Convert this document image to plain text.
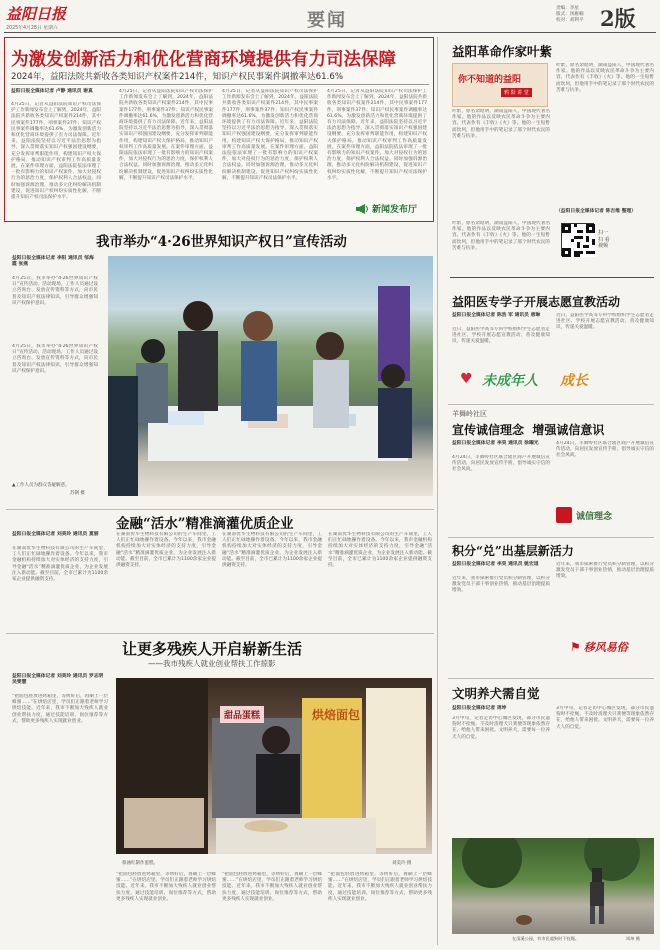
益阳日报
2025年4月28日 星期六	要闻
责编：李星
版式：汤雁楠
校对：刘利平 2版
为激发创新活力和优化营商环境提供有力司法保障
2024年，益阳法院共新收各类知识产权案件214件，知识产权民事案件调撤率达61.6%
益阳日报全媒体记者 卢静 通讯员 谢真
4月25日，记者从益阳法院知识产权司法保护工作新闻发布会上了解到，2024年，益阳法院共新收各类知识产权案件214件，其中民事案件177件，刑事案件37件；知识产权民事案件调撤率达61.6%，为激发创新活力和优化营商环境提供了有力司法保障。近年来，益阳法院坚持以习近平法治思想为指导，深入贯彻落实知识产权强国建设纲要，充分发挥审判职能作用，构建知识产权大保护格局，推动知识产权审判工作高质量发展。在案件审理方面，益阳法院依法审理了一批有影响力的知识产权案件，加大对侵权行为的惩治力度，保护权利人合法权益。同时加强诉源治理，推动多元化纠纷解决机制建设，促进知识产权纠纷实质性化解，不断提升知识产权司法保护水平。
4月25日，记者从益阳法院知识产权司法保护工作新闻发布会上了解到，2024年，益阳法院共新收各类知识产权案件214件，其中民事案件177件，刑事案件37件；知识产权民事案件调撤率达61.6%，为激发创新活力和优化营商环境提供了有力司法保障。近年来，益阳法院坚持以习近平法治思想为指导，深入贯彻落实知识产权强国建设纲要，充分发挥审判职能作用，构建知识产权大保护格局，推动知识产权审判工作高质量发展。在案件审理方面，益阳法院依法审理了一批有影响力的知识产权案件，加大对侵权行为的惩治力度，保护权利人合法权益。同时加强诉源治理，推动多元化纠纷解决机制建设，促进知识产权纠纷实质性化解，不断提升知识产权司法保护水平。
4月25日，记者从益阳法院知识产权司法保护工作新闻发布会上了解到，2024年，益阳法院共新收各类知识产权案件214件，其中民事案件177件，刑事案件37件；知识产权民事案件调撤率达61.6%，为激发创新活力和优化营商环境提供了有力司法保障。近年来，益阳法院坚持以习近平法治思想为指导，深入贯彻落实知识产权强国建设纲要，充分发挥审判职能作用，构建知识产权大保护格局，推动知识产权审判工作高质量发展。在案件审理方面，益阳法院依法审理了一批有影响力的知识产权案件，加大对侵权行为的惩治力度，保护权利人合法权益。同时加强诉源治理，推动多元化纠纷解决机制建设，促进知识产权纠纷实质性化解，不断提升知识产权司法保护水平。
4月25日，记者从益阳法院知识产权司法保护工作新闻发布会上了解到，2024年，益阳法院共新收各类知识产权案件214件，其中民事案件177件，刑事案件37件；知识产权民事案件调撤率达61.6%，为激发创新活力和优化营商环境提供了有力司法保障。近年来，益阳法院坚持以习近平法治思想为指导，深入贯彻落实知识产权强国建设纲要，充分发挥审判职能作用，构建知识产权大保护格局，推动知识产权审判工作高质量发展。在案件审理方面，益阳法院依法审理了一批有影响力的知识产权案件，加大对侵权行为的惩治力度，保护权利人合法权益。同时加强诉源治理，推动多元化纠纷解决机制建设，促进知识产权纠纷实质性化解，不断提升知识产权司法保护水平。
新闻发布厅
益阳革命作家叶紫
你不知道的益阳
鸦 阳 讲 堂
叶紫，原名余昭明，湖南益阳人，中国现代著名作家。他的作品以反映农民革命斗争为主要内容，代表作有《丰收》《火》等。他的一生短暂而坎坷，但他用手中的笔记录了那个时代农民的苦难与抗争。
叶紫，原名余昭明，湖南益阳人，中国现代著名作家。他的作品以反映农民革命斗争为主要内容，代表作有《丰收》《火》等。他的一生短暂而坎坷，但他用手中的笔记录了那个时代农民的苦难与抗争。
叶紫，原名余昭明，湖南益阳人，中国现代著名作家。他的作品以反映农民革命斗争为主要内容，代表作有《丰收》《火》等。他的一生短暂而坎坷，但他用手中的笔记录了那个时代农民的苦难与抗争。
（益阳日报全媒体记者 陈吉维 整理）
扫一扫 看视频
益阳医专学子开展志愿宣教活动
益阳日报全媒体记者 陈浩 军 通讯员 唐琳
近日，益阳医学高等专科学校组织学生志愿者走进社区、学校开展志愿宣教活动，普及健康知识，传递关爱温暖。
近日，益阳医学高等专科学校组织学生志愿者走进社区、学校开展志愿宣教活动，普及健康知识，传递关爱温暖。
♥ 未成年人 成长
我市举办“4·26世界知识产权日”宣传活动
益阳日报全媒体记者 李阳 通讯员 邹海霞 张燕
4月25日，我市举办“4·26世界知识产权日”宣传活动。活动现场，工作人员通过设立咨询台、发放宣传资料等方式，向市民普及知识产权法律知识，引导群众增强知识产权保护意识。
4月25日，我市举办“4·26世界知识产权日”宣传活动。活动现场，工作人员通过设立咨询台、发放宣传资料等方式，向市民普及知识产权法律知识，引导群众增强知识产权保护意识。
▲工作人员为群众答疑解惑。
苏钢 摄
金融“活水”精准滴灌优质企业
益阳日报全媒体记者 刘美玲 通讯员 夏丽
在湖南优华生物科技有限公司的生产车间里，工人们正忙碌地操作着设备。今年以来，我市金融机构持续加大对实体经济的支持力度，引导金融“活水”精准滴灌优质企业，为企业发展注入新动能。截至目前，全市已累计为1100余家企业提供融资支持。
在湖南优华生物科技有限公司的生产车间里，工人们正忙碌地操作着设备。今年以来，我市金融机构持续加大对实体经济的支持力度，引导金融“活水”精准滴灌优质企业，为企业发展注入新动能。截至目前，全市已累计为1100余家企业提供融资支持。
在湖南优华生物科技有限公司的生产车间里，工人们正忙碌地操作着设备。今年以来，我市金融机构持续加大对实体经济的支持力度，引导金融“活水”精准滴灌优质企业，为企业发展注入新动能。截至目前，全市已累计为1100余家企业提供融资支持。
在湖南优华生物科技有限公司的生产车间里，工人们正忙碌地操作着设备。今年以来，我市金融机构持续加大对实体经济的支持力度，引导金融“活水”精准滴灌优质企业，为企业发展注入新动能。截至目前，全市已累计为1100余家企业提供融资支持。
羊舞岭社区
宣传诚信理念  增强诚信意识
益阳日报全媒体记者 李昊 通讯员 徐曜光
4月24日，羊舞岭社区联合辖区商户开展诚信宣传活动，向居民发放宣传手册，倡导诚实守信的社会风尚。
4月24日，羊舞岭社区联合辖区商户开展诚信宣传活动，向居民发放宣传手册，倡导诚实守信的社会风尚。
诚信理念
积分“兑”出基层新活力
益阳日报全媒体记者 李昊 通讯员 姚宏道
近年来，我市探索推行党员积分制管理，以积分激发党员干部干事创业热情，推动基层治理提质增效。
近年来，我市探索推行党员积分制管理，以积分激发党员干部干事创业热情，推动基层治理提质增效。
⚑ 移风易俗
让更多残疾人开启崭新生活
——我市残疾人就业创业帮扶工作掠影
益阳日报全媒体记者 刘美玲 通讯员 罗志明 吴雯慧
“把面包胚放进烤箱里，等烤好后，再刷上一层蜂蜜……”在烘焙店里，学员们正跟着老师学习烘焙技能。近年来，我市不断加大残疾人就业创业帮扶力度，通过技能培训、岗位推荐等方式，帮助更多残疾人实现就业创业。
甜品蛋糕	烘焙面包
蔡涵红制作蛋糕。	刘美玲 摄
“把面包胚放进烤箱里，等烤好后，再刷上一层蜂蜜……”在烘焙店里，学员们正跟着老师学习烘焙技能。近年来，我市不断加大残疾人就业创业帮扶力度，通过技能培训、岗位推荐等方式，帮助更多残疾人实现就业创业。
“把面包胚放进烤箱里，等烤好后，再刷上一层蜂蜜……”在烘焙店里，学员们正跟着老师学习烘焙技能。近年来，我市不断加大残疾人就业创业帮扶力度，通过技能培训、岗位推荐等方式，帮助更多残疾人实现就业创业。
“把面包胚放进烤箱里，等烤好后，再刷上一层蜂蜜……”在烘焙店里，学员们正跟着老师学习烘焙技能。近年来，我市不断加大残疾人就业创业帮扶力度，通过技能培训、岗位推荐等方式，帮助更多残疾人实现就业创业。
文明养犬需自觉
益阳日报全媒体记者 周坤
3月中旬，记者走访中心城区发现，部分市民遛狗时不拴绳、不及时清理犬只粪便等现象依然存在，给他人带来困扰。文明养犬，需要每一位养犬人的自觉。
3月中旬，记者走访中心城区发现，部分市民遛狗时不拴绳、不及时清理犬只粪便等现象依然存在，给他人带来困扰。文明养犬，需要每一位养犬人的自觉。
在清溪公园，有市民遛狗时不拴绳。	周坤 摄
